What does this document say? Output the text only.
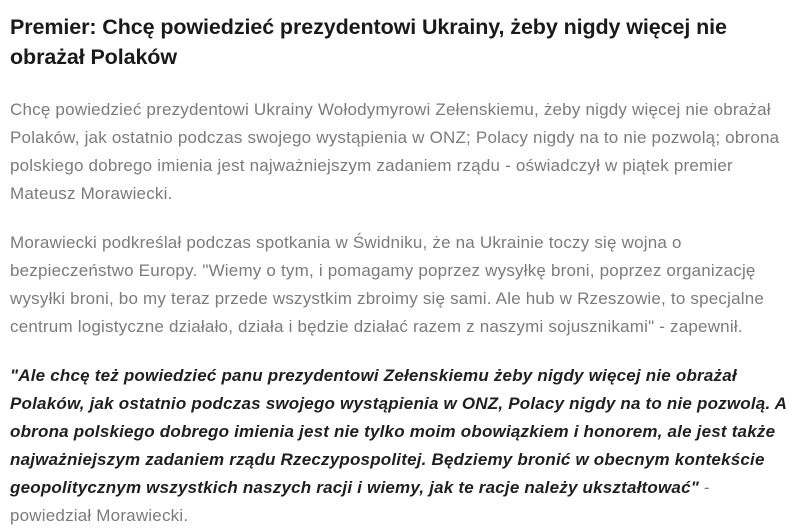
Premier: Chcę powiedzieć prezydentowi Ukrainy, żeby nigdy więcej nie obrażał Polaków

Chcę powiedzieć prezydentowi Ukrainy Wołodymyrowi Zełenskiemu, żeby nigdy więcej nie obrażał Polaków, jak ostatnio podczas swojego wystąpienia w ONZ; Polacy nigdy na to nie pozwolą; obrona polskiego dobrego imienia jest najważniejszym zadaniem rządu - oświadczył w piątek premier Mateusz Morawiecki.

Morawiecki podkreślał podczas spotkania w Świdniku, że na Ukrainie toczy się wojna o bezpieczeństwo Europy. "Wiemy o tym, i pomagamy poprzez wysyłkę broni, poprzez organizację wysyłki broni, bo my teraz przede wszystkim zbroimy się sami. Ale hub w Rzeszowie, to specjalne centrum logistyczne działało, działa i będzie działać razem z naszymi sojusznikami" - zapewnił.

"Ale chcę też powiedzieć panu prezydentowi Zełenskiemu żeby nigdy więcej nie obrażał Polaków, jak ostatnio podczas swojego wystąpienia w ONZ, Polacy nigdy na to nie pozwolą. A obrona polskiego dobrego imienia jest nie tylko moim obowiązkiem i honorem, ale jest także najważniejszym zadaniem rządu Rzeczypospolitej. Będziemy bronić w obecnym kontekście geopolitycznym wszystkich naszych racji i wiemy, jak te racje należy ukształtować" - powiedział Morawiecki.
